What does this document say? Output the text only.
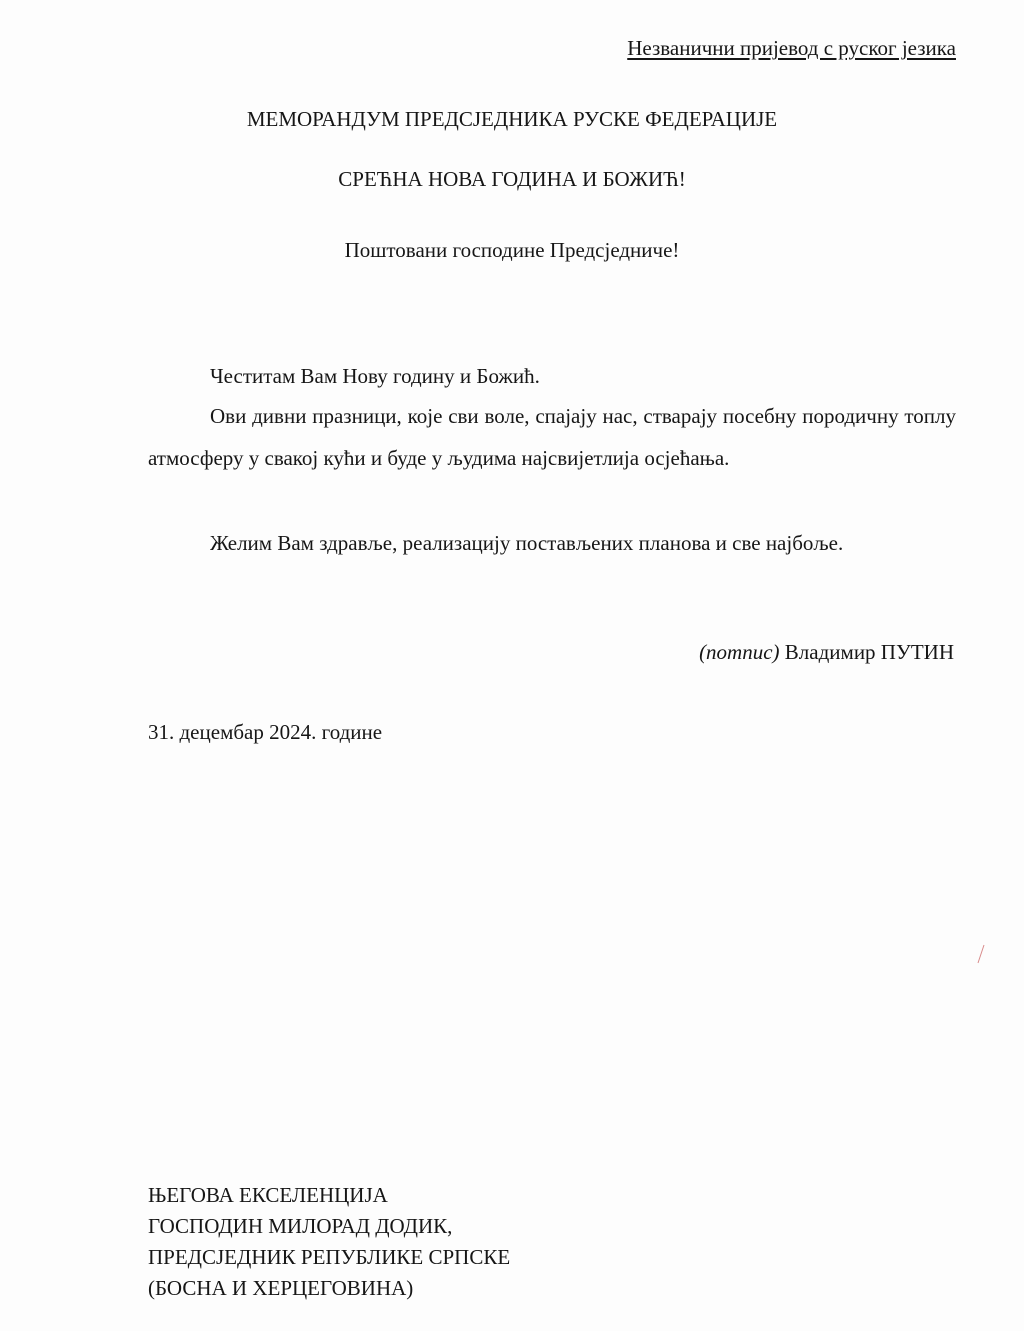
Незванични пријевод с руског језика
МЕМОРАНДУМ ПРЕДСЈЕДНИКА РУСКЕ ФЕДЕРАЦИЈЕ
СРЕЋНА НОВА ГОДИНА И БОЖИЋ!
Поштовани господине Предсједниче!
Честитам Вам Нову годину и Божић.
Ови дивни празници, које сви воле, спајају нас, стварају посебну породичну топлу атмосферу у свакој кући и буде у људима најсвијетлија осјећања.
Желим Вам здравље, реализацију постављених планова и све најбоље.
(потпис) Владимир ПУТИН
31. децембар 2024. године
ЊЕГОВА ЕКСЕЛЕНЦИЈА
ГОСПОДИН МИЛОРАД ДОДИК,
ПРЕДСЈЕДНИК РЕПУБЛИКЕ СРПСКЕ
(БОСНА И ХЕРЦЕГОВИНА)
